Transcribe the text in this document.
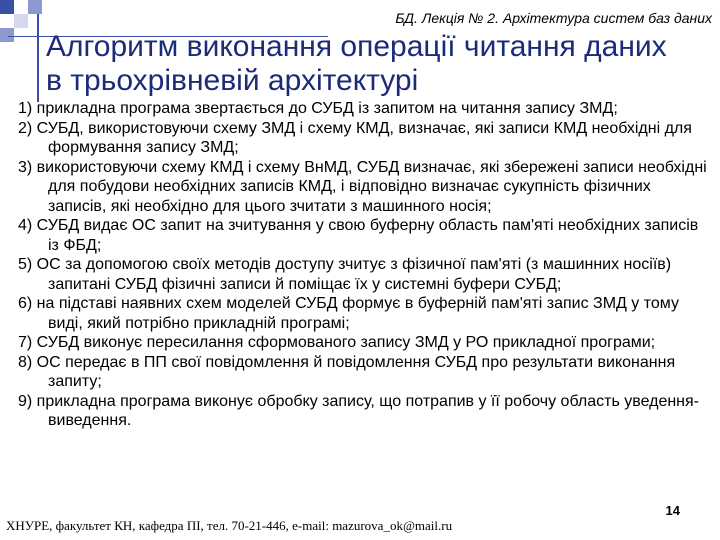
БД. Лекція № 2. Архітектура систем баз даних
Алгоритм виконання операції читання даних в трьохрівневій архітектурі
1) прикладна програма звертається до СУБД із запитом на читання запису ЗМД;
2) СУБД, використовуючи схему ЗМД і схему КМД, визначає, які записи КМД необхідні для формування запису ЗМД;
3) використовуючи схему КМД і схему ВнМД, СУБД визначає, які збережені записи необхідні для побудови необхідних записів КМД, і відповідно визначає сукупність фізичних записів, які необхідно для цього зчитати з машинного носія;
4) СУБД видає ОС запит на зчитування у свою буферну область пам'яті необхідних записів із ФБД;
5) ОС за допомогою своїх методів доступу зчитує з фізичної пам'яті (з машинних носіїв) запитані СУБД фізичні записи й поміщає їх у системні буфери СУБД;
6) на підставі наявних схем моделей СУБД формує в буферній пам'яті запис ЗМД у тому виді, який потрібно прикладній програмі;
7) СУБД виконує пересилання сформованого запису ЗМД у РО прикладної програми;
8) ОС передає в ПП свої повідомлення й повідомлення СУБД про результати виконання запиту;
9) прикладна програма виконує обробку запису, що потрапив у її робочу область уведення-виведення.
ХНУРЕ, факультет КН, кафедра ПІ, тел. 70-21-446, e-mail: mazurova_ok@mail.ru
14
